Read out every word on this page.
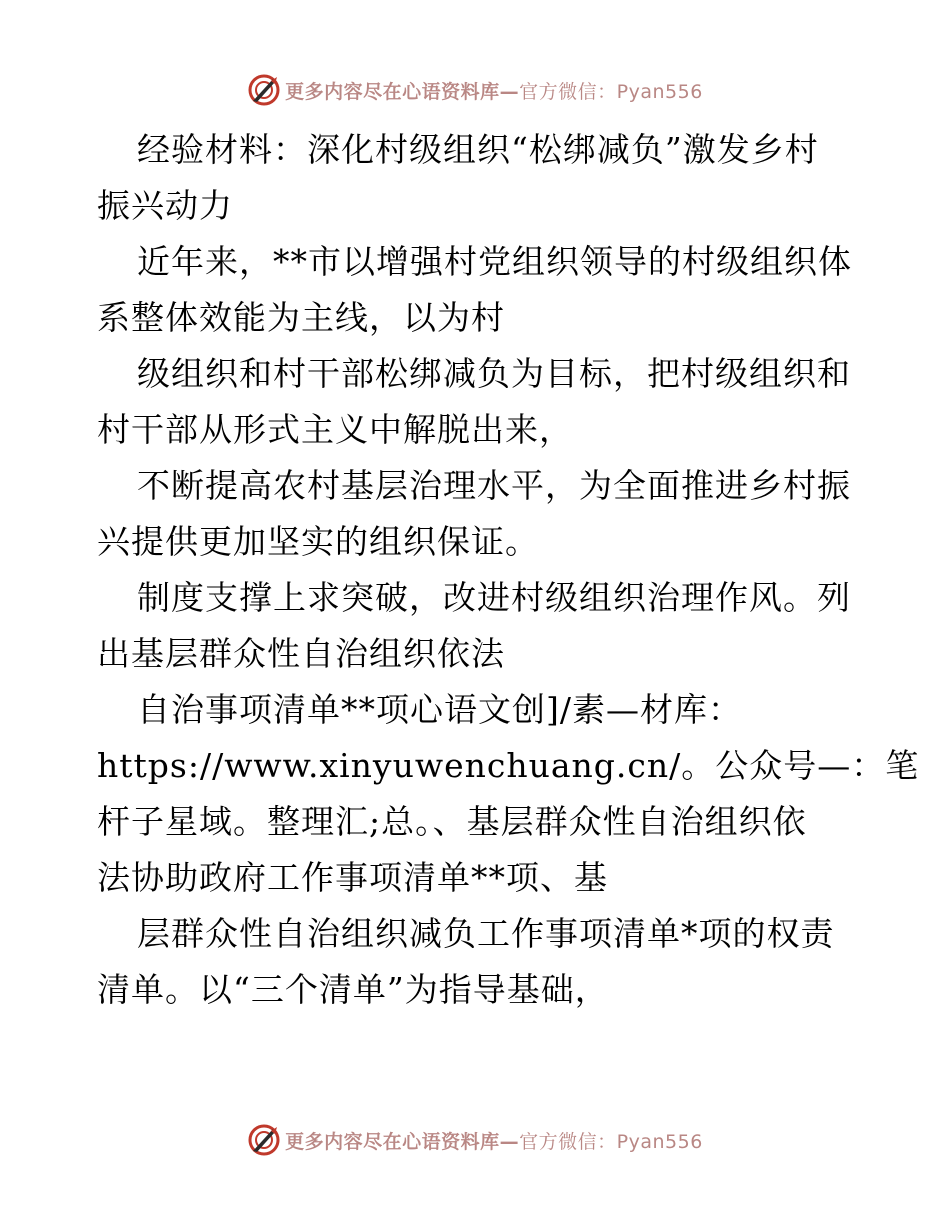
更多内容尽在心语资料库—官方微信：Pyan556
经验材料：深化村级组织“松绑减负”激发乡村
振兴动力
近年来，**市以增强村党组织领导的村级组织体
系整体效能为主线，以为村
级组织和村干部松绑减负为目标，把村级组织和
村干部从形式主义中解脱出来，
不断提高农村基层治理水平，为全面推进乡村振
兴提供更加坚实的组织保证。
制度支撑上求突破，改进村级组织治理作风。列
出基层群众性自治组织依法
自治事项清单**项心语文创]/素—材库：
https://www.xinyuwenchuang.cn/。公众号—：笔
杆子星域。整理汇;总。、基层群众性自治组织依
法协助政府工作事项清单**项、基
层群众性自治组织减负工作事项清单*项的权责
清单。以“三个清单”为指导基础，
更多内容尽在心语资料库—官方微信：Pyan556
